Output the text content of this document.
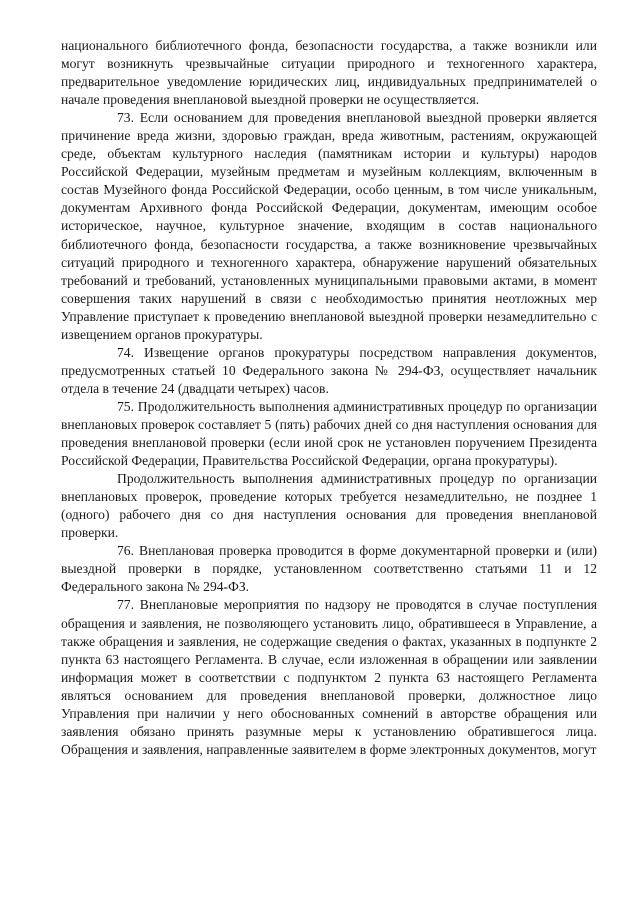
национального библиотечного фонда, безопасности государства, а также возникли или могут возникнуть чрезвычайные ситуации природного и техногенного характера, предварительное уведомление юридических лиц, индивидуальных предпринимателей о начале проведения внеплановой выездной проверки не осуществляется.

73. Если основанием для проведения внеплановой выездной проверки является причинение вреда жизни, здоровью граждан, вреда животным, растениям, окружающей среде, объектам культурного наследия (памятникам истории и культуры) народов Российской Федерации, музейным предметам и музейным коллекциям, включенным в состав Музейного фонда Российской Федерации, особо ценным, в том числе уникальным, документам Архивного фонда Российской Федерации, документам, имеющим особое историческое, научное, культурное значение, входящим в состав национального библиотечного фонда, безопасности государства, а также возникновение чрезвычайных ситуаций природного и техногенного характера, обнаружение нарушений обязательных требований и требований, установленных муниципальными правовыми актами, в момент совершения таких нарушений в связи с необходимостью принятия неотложных мер Управление приступает к проведению внеплановой выездной проверки незамедлительно с извещением органов прокуратуры.

74. Извещение органов прокуратуры посредством направления документов, предусмотренных статьей 10 Федерального закона № 294-ФЗ, осуществляет начальник отдела в течение 24 (двадцати четырех) часов.

75. Продолжительность выполнения административных процедур по организации внеплановых проверок составляет 5 (пять) рабочих дней со дня наступления основания для проведения внеплановой проверки (если иной срок не установлен поручением Президента Российской Федерации, Правительства Российской Федерации, органа прокуратуры).

Продолжительность выполнения административных процедур по организации внеплановых проверок, проведение которых требуется незамедлительно, не позднее 1 (одного) рабочего дня со дня наступления основания для проведения внеплановой проверки.

76. Внеплановая проверка проводится в форме документарной проверки и (или) выездной проверки в порядке, установленном соответственно статьями 11 и 12 Федерального закона № 294-ФЗ.

77. Внеплановые мероприятия по надзору не проводятся в случае поступления обращения и заявления, не позволяющего установить лицо, обратившееся в Управление, а также обращения и заявления, не содержащие сведения о фактах, указанных в подпункте 2 пункта 63 настоящего Регламента. В случае, если изложенная в обращении или заявлении информация может в соответствии с подпунктом 2 пункта 63 настоящего Регламента являться основанием для проведения внеплановой проверки, должностное лицо Управления при наличии у него обоснованных сомнений в авторстве обращения или заявления обязано принять разумные меры к установлению обратившегося лица. Обращения и заявления, направленные заявителем в форме электронных документов, могут
